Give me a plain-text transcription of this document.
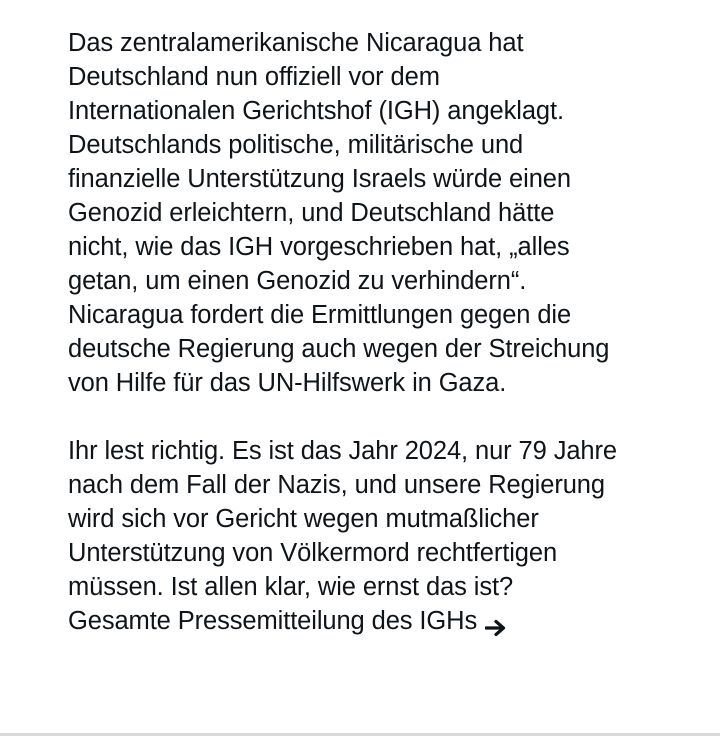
Das zentralamerikanische Nicaragua hat
Deutschland nun offiziell vor dem
Internationalen Gerichtshof (IGH) angeklagt.
Deutschlands politische, militärische und
finanzielle Unterstützung Israels würde einen
Genozid erleichtern, und Deutschland hätte
nicht, wie das IGH vorgeschrieben hat, „alles
getan, um einen Genozid zu verhindern“.
Nicaragua fordert die Ermittlungen gegen die
deutsche Regierung auch wegen der Streichung
von Hilfe für das UN-Hilfswerk in Gaza.
Ihr lest richtig. Es ist das Jahr 2024, nur 79 Jahre
nach dem Fall der Nazis, und unsere Regierung
wird sich vor Gericht wegen mutmaßlicher
Unterstützung von Völkermord rechtfertigen
müssen. Ist allen klar, wie ernst das ist?
Gesamte Pressemitteilung des IGHs
